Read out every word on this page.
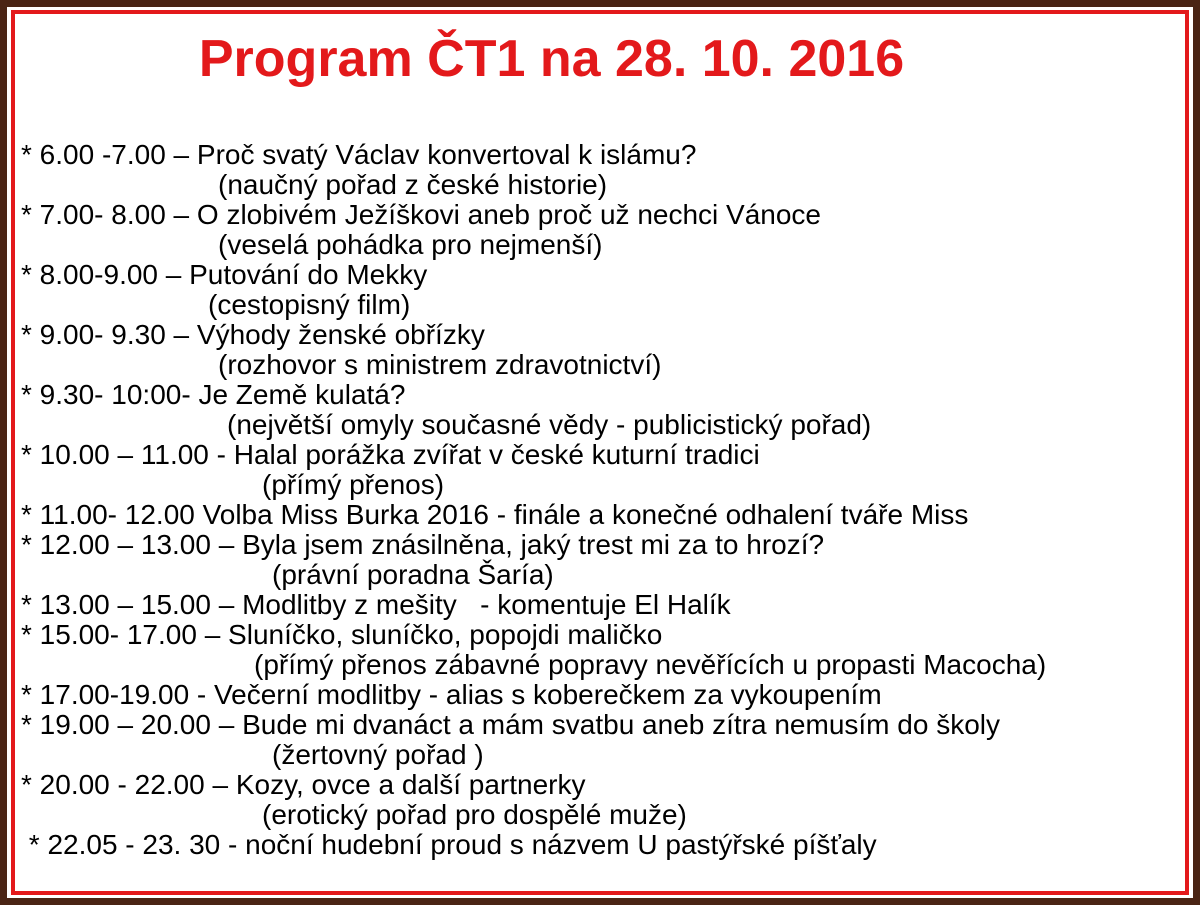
Program ČT1 na 28. 10. 2016
* 6.00 -7.00 – Proč svatý Václav konvertoval k islámu?
(naučný pořad z české historie)
* 7.00- 8.00 – O zlobivém Ježíškovi aneb proč už nechci Vánoce
(veselá pohádka pro nejmenší)
* 8.00-9.00 – Putování do Mekky
(cestopisný film)
* 9.00- 9.30 – Výhody ženské obřízky
(rozhovor s ministrem zdravotnictví)
* 9.30- 10:00- Je Země kulatá?
(největší omyly současné vědy - publicistický pořad)
* 10.00 – 11.00 - Halal porážka zvířat v české kuturní tradici
(přímý přenos)
* 11.00- 12.00 Volba Miss Burka 2016 - finále a konečné odhalení tváře Miss
* 12.00 – 13.00 – Byla jsem znásilněna, jaký trest mi za to hrozí?
(právní poradna Šaría)
* 13.00 – 15.00 – Modlitby z mešity   - komentuje El Halík
* 15.00- 17.00 – Sluníčko, sluníčko, popojdi maličko
(přímý přenos zábavné popravy nevěřících u propasti Macocha)
* 17.00-19.00 - Večerní modlitby - alias s koberečkem za vykoupením
* 19.00 – 20.00 – Bude mi dvanáct a mám svatbu aneb zítra nemusím do školy
(žertovný pořad )
* 20.00 - 22.00 – Kozy, ovce a další partnerky
(erotický pořad pro dospělé muže)
* 22.05 - 23. 30 - noční hudební proud s názvem U pastýřské píšťaly
